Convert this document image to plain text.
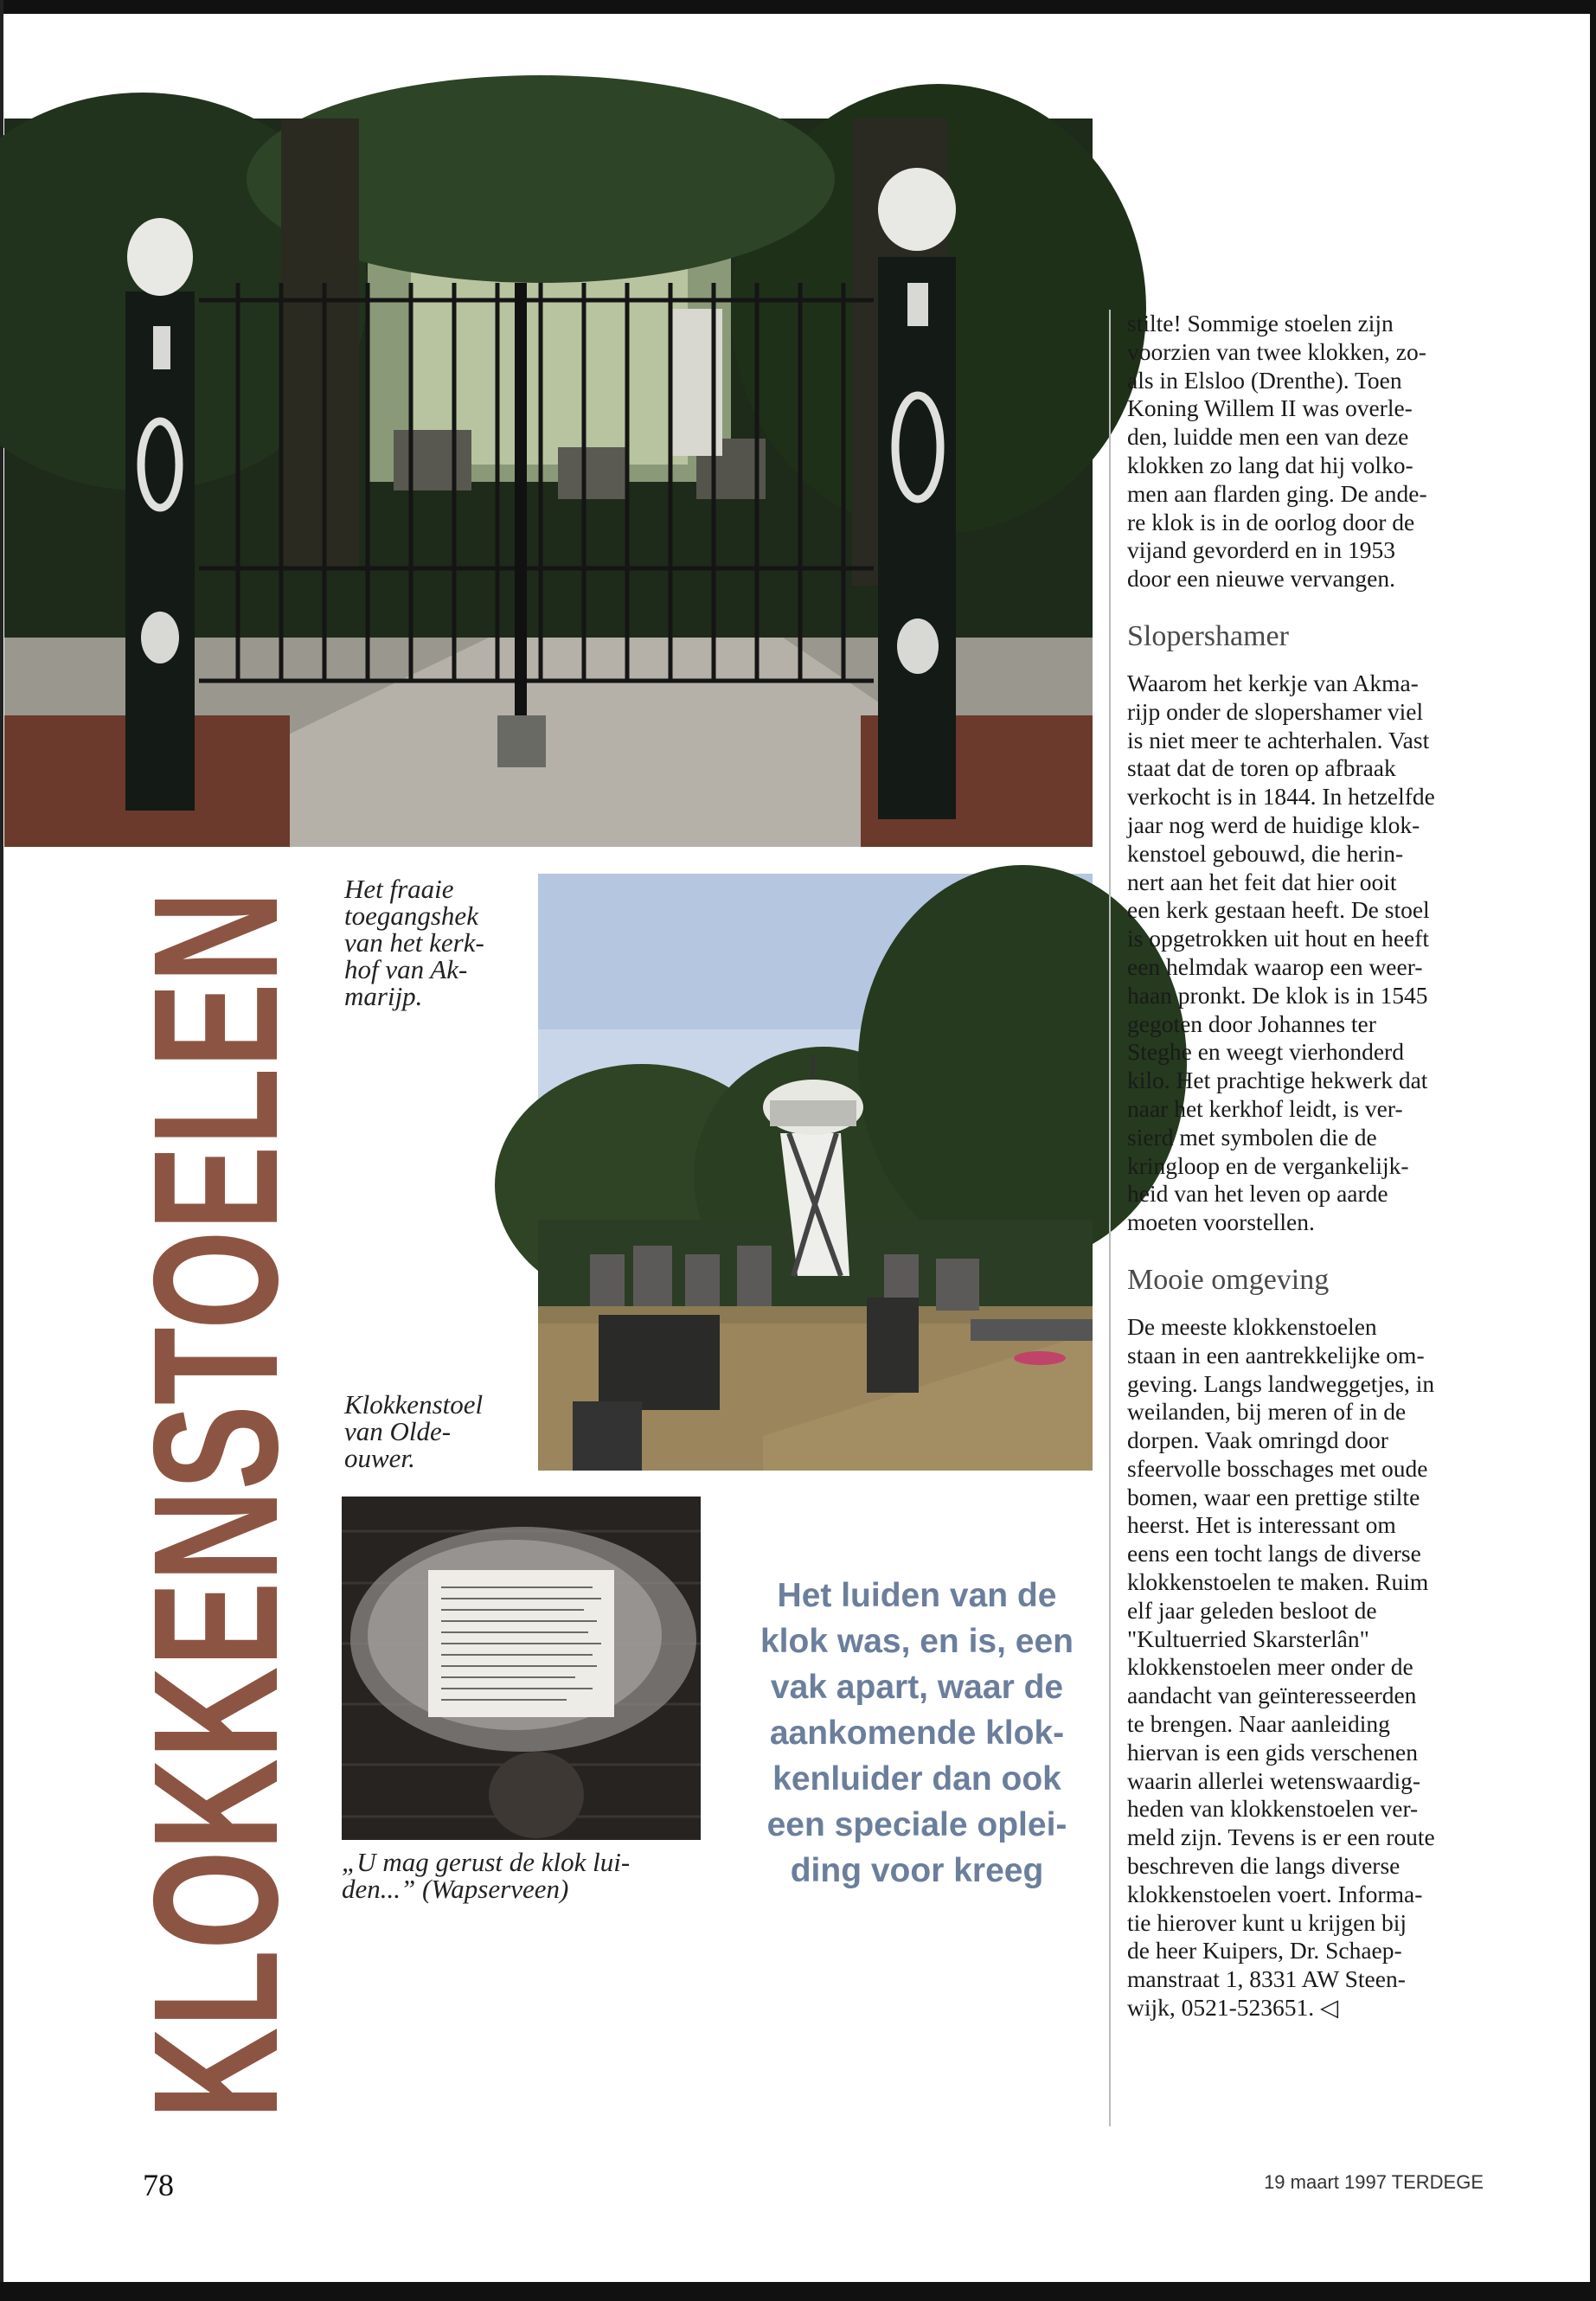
KLOKKENSTOELEN Het fraaie
toegangshek
van het kerk-
hof van Ak-
marijp.
Klokkenstoel
van Olde-
ouwer.
„U mag gerust de klok lui-
den...” (Wapserveen)
Het luiden van de
klok was, en is, een
vak apart, waar de
aankomende klok-
kenluider dan ook
een speciale oplei-
ding voor kreeg

stilte! Sommige stoelen zijn
voorzien van twee klokken, zo-
als in Elsloo (Drenthe). Toen
Koning Willem II was overle-
den, luidde men een van deze
klokken zo lang dat hij volko-
men aan flarden ging. De ande-
re klok is in de oorlog door de
vijand gevorderd en in 1953
door een nieuwe vervangen.

Slopershamer

Waarom het kerkje van Akma-
rijp onder de slopershamer viel
is niet meer te achterhalen. Vast
staat dat de toren op afbraak
verkocht is in 1844. In hetzelfde
jaar nog werd de huidige klok-
kenstoel gebouwd, die herin-
nert aan het feit dat hier ooit
een kerk gestaan heeft. De stoel
is opgetrokken uit hout en heeft
een helmdak waarop een weer-
haan pronkt. De klok is in 1545
gegoten door Johannes ter
Steghe en weegt vierhonderd
kilo. Het prachtige hekwerk dat
naar het kerkhof leidt, is ver-
sierd met symbolen die de
kringloop en de vergankelijk-
heid van het leven op aarde
moeten voorstellen.

Mooie omgeving

De meeste klokkenstoelen
staan in een aantrekkelijke om-
geving. Langs landweggetjes, in
weilanden, bij meren of in de
dorpen. Vaak omringd door
sfeervolle bosschages met oude
bomen, waar een prettige stilte
heerst. Het is interessant om
eens een tocht langs de diverse
klokkenstoelen te maken. Ruim
elf jaar geleden besloot de
"Kultuerried Skarsterlân"
klokkenstoelen meer onder de
aandacht van geïnteresseerden
te brengen. Naar aanleiding
hiervan is een gids verschenen
waarin allerlei wetenswaardig-
heden van klokkenstoelen ver-
meld zijn. Tevens is er een route
beschreven die langs diverse
klokkenstoelen voert. Informa-
tie hierover kunt u krijgen bij
de heer Kuipers, Dr. Schaep-
manstraat 1, 8331 AW Steen-
wijk, 0521-523651. ◁

78	19 maart 1997 TERDEGE
